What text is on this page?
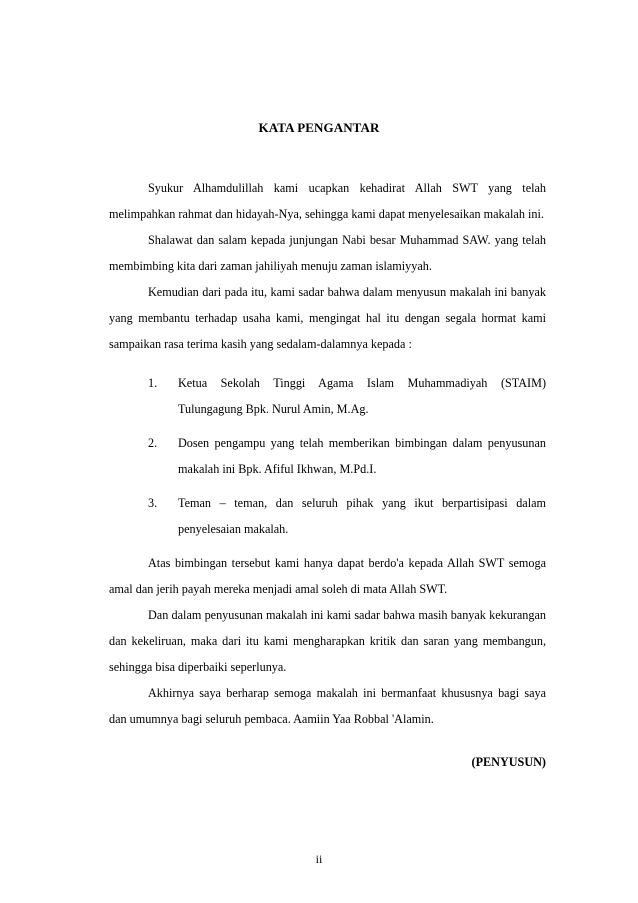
KATA PENGANTAR

Syukur Alhamdulillah kami ucapkan kehadirat Allah SWT yang telah melimpahkan rahmat dan hidayah-Nya, sehingga kami dapat menyelesaikan makalah ini.

Shalawat dan salam kepada junjungan Nabi besar Muhammad SAW. yang telah membimbing kita dari zaman jahiliyah menuju zaman islamiyyah.

Kemudian dari pada itu, kami sadar bahwa dalam menyusun makalah ini banyak yang membantu terhadap usaha kami, mengingat hal itu dengan segala hormat kami sampaikan rasa terima kasih yang sedalam-dalamnya kepada :

1. Ketua Sekolah Tinggi Agama Islam Muhammadiyah (STAIM) Tulungagung Bpk. Nurul Amin, M.Ag.
2. Dosen pengampu yang telah memberikan bimbingan dalam penyusunan makalah ini Bpk. Afiful Ikhwan, M.Pd.I.
3. Teman – teman, dan seluruh pihak yang ikut berpartisipasi dalam penyelesaian makalah.

Atas bimbingan tersebut kami hanya dapat berdo'a kepada Allah SWT semoga amal dan jerih payah mereka menjadi amal soleh di mata Allah SWT.

Dan dalam penyusunan makalah ini kami sadar bahwa masih banyak kekurangan dan kekeliruan, maka dari itu kami mengharapkan kritik dan saran yang membangun, sehingga bisa diperbaiki seperlunya.

Akhirnya saya berharap semoga makalah ini bermanfaat khususnya bagi saya dan umumnya bagi seluruh pembaca. Aamiin Yaa Robbal 'Alamin.

(PENYUSUN)
ii
